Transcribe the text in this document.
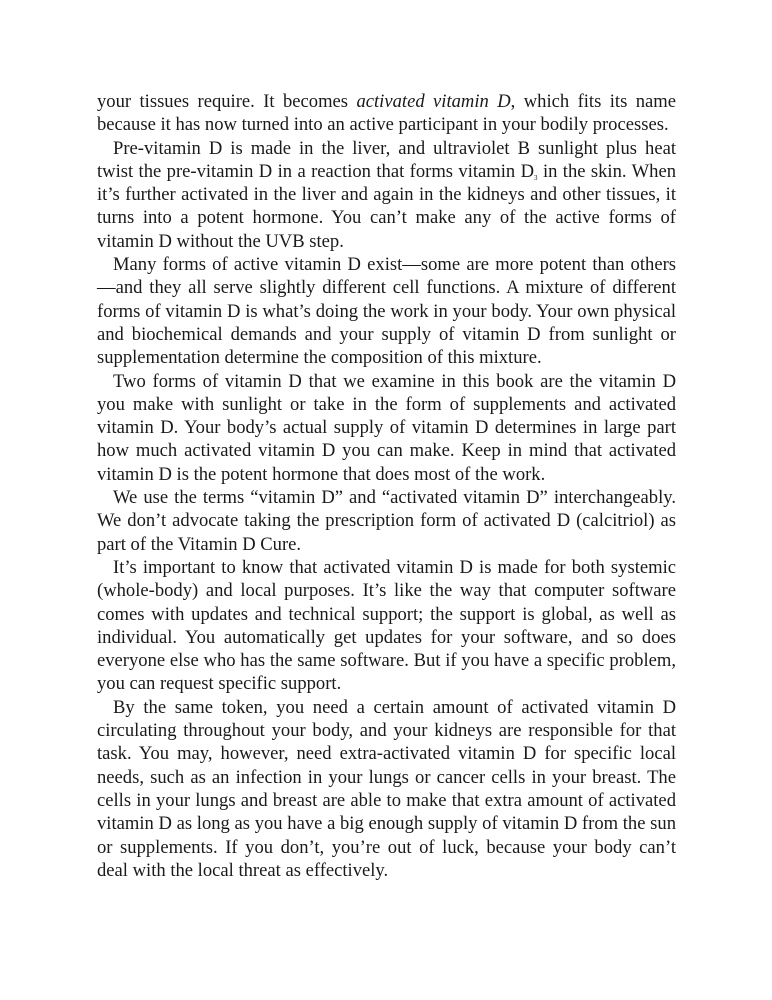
your tissues require. It becomes activated vitamin D, which fits its name because it has now turned into an active participant in your bodily processes.

Pre-vitamin D is made in the liver, and ultraviolet B sunlight plus heat twist the pre-vitamin D in a reaction that forms vitamin $D_3$ in the skin. When it’s further activated in the liver and again in the kidneys and other tissues, it turns into a potent hormone. You can’t make any of the active forms of vitamin D without the UVB step.

Many forms of active vitamin D exist—some are more potent than others—and they all serve slightly different cell functions. A mixture of different forms of vitamin D is what’s doing the work in your body. Your own physical and biochemical demands and your supply of vitamin D from sunlight or supplementation determine the composition of this mixture.

Two forms of vitamin D that we examine in this book are the vitamin D you make with sunlight or take in the form of supplements and activated vitamin D. Your body’s actual supply of vitamin D determines in large part how much activated vitamin D you can make. Keep in mind that activated vitamin D is the potent hormone that does most of the work.

We use the terms “vitamin D” and “activated vitamin D” interchangeably. We don’t advocate taking the prescription form of activated D (calcitriol) as part of the Vitamin D Cure.

It’s important to know that activated vitamin D is made for both systemic (whole-body) and local purposes. It’s like the way that computer software comes with updates and technical support; the support is global, as well as individual. You automatically get updates for your software, and so does everyone else who has the same software. But if you have a specific problem, you can request specific support.

By the same token, you need a certain amount of activated vitamin D circulating throughout your body, and your kidneys are responsible for that task. You may, however, need extra-activated vitamin D for specific local needs, such as an infection in your lungs or cancer cells in your breast. The cells in your lungs and breast are able to make that extra amount of activated vitamin D as long as you have a big enough supply of vitamin D from the sun or supplements. If you don’t, you’re out of luck, because your body can’t deal with the local threat as effectively.
